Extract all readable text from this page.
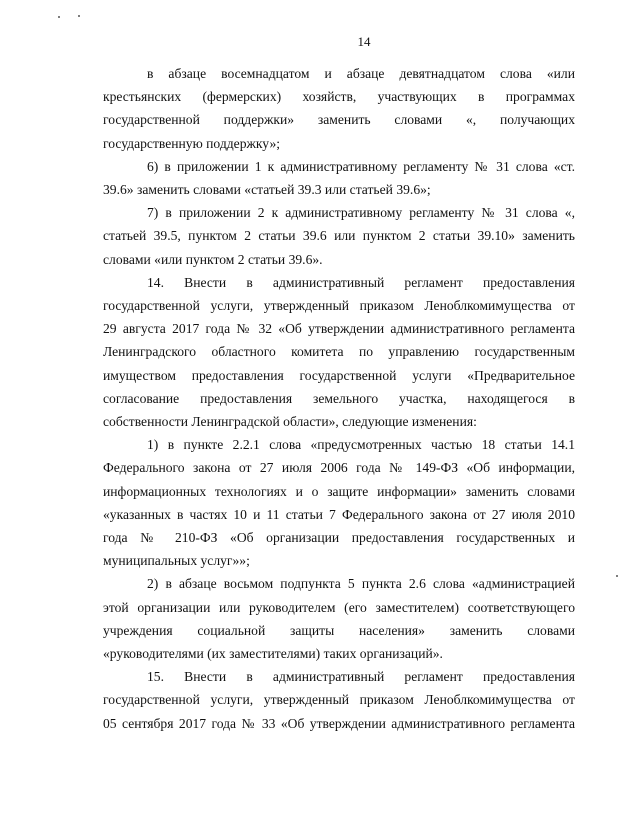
14

в абзаце восемнадцатом и абзаце девятнадцатом слова «или
крестьянских (фермерских) хозяйств, участвующих в программах
государственной поддержки» заменить словами «, получающих
государственную поддержку»;

6) в приложении 1 к административному регламенту № 31 слова «ст.
39.6» заменить словами «статьей 39.3 или статьей 39.6»;

7) в приложении 2 к административному регламенту № 31 слова «,
статьей 39.5, пунктом 2 статьи 39.6 или пунктом 2 статьи 39.10» заменить
словами «или пунктом 2 статьи 39.6».

14. Внести в административный регламент предоставления
государственной услуги, утвержденный приказом Леноблкомимущества от
29 августа 2017 года № 32 «Об утверждении административного регламента
Ленинградского областного комитета по управлению государственным
имуществом предоставления государственной услуги «Предварительное
согласование предоставления земельного участка, находящегося в
собственности Ленинградской области», следующие изменения:

1) в пункте 2.2.1 слова «предусмотренных частью 18 статьи 14.1
Федерального закона от 27 июля 2006 года № 149-ФЗ «Об информации,
информационных технологиях и о защите информации» заменить словами
«указанных в частях 10 и 11 статьи 7 Федерального закона от 27 июля 2010
года № 210-ФЗ «Об организации предоставления государственных и
муниципальных услуг»»;

2) в абзаце восьмом подпункта 5 пункта 2.6 слова «администрацией
этой организации или руководителем (его заместителем) соответствующего
учреждения социальной защиты населения» заменить словами
«руководителями (их заместителями) таких организаций».

15. Внести в административный регламент предоставления
государственной услуги, утвержденный приказом Леноблкомимущества от
05 сентября 2017 года № 33 «Об утверждении административного регламента
